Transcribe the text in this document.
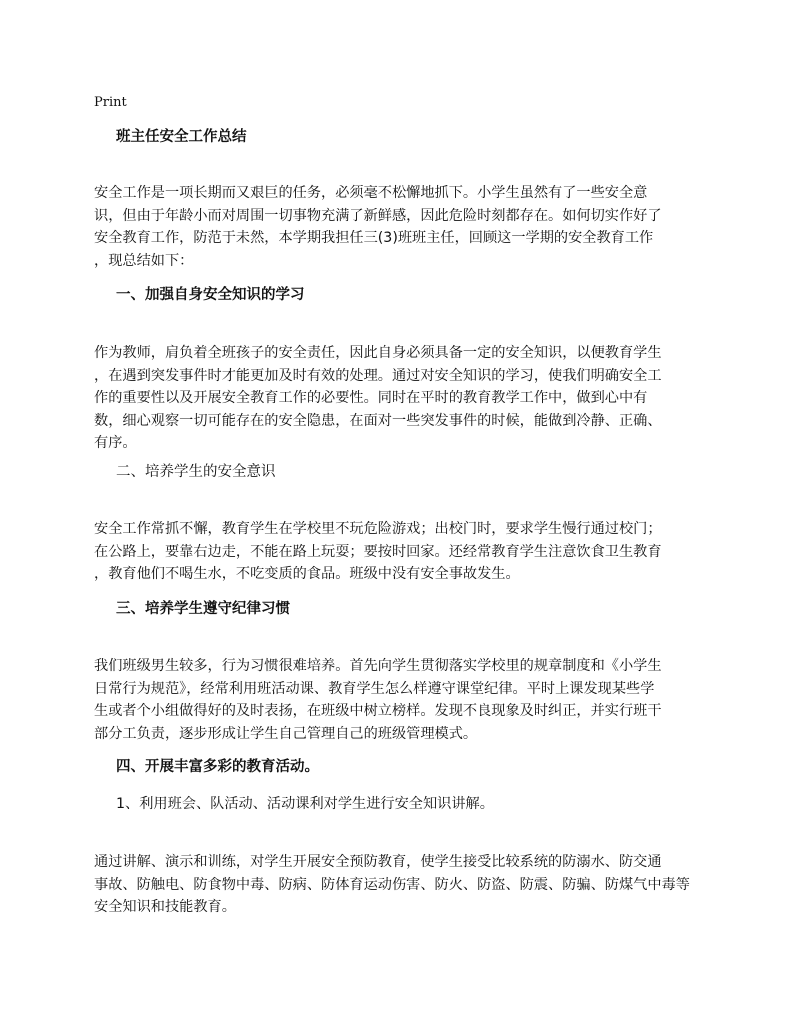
Print
班主任安全工作总结
安全工作是一项长期而又艰巨的任务，必须毫不松懈地抓下。小学生虽然有了一些安全意
识，但由于年龄小而对周围一切事物充满了新鲜感，因此危险时刻都存在。如何切实作好了
安全教育工作，防范于未然，本学期我担任三(3)班班主任，回顾这一学期的安全教育工作
，现总结如下：
一、加强自身安全知识的学习
作为教师，肩负着全班孩子的安全责任，因此自身必须具备一定的安全知识，以便教育学生
，在遇到突发事件时才能更加及时有效的处理。通过对安全知识的学习，使我们明确安全工
作的重要性以及开展安全教育工作的必要性。同时在平时的教育教学工作中，做到心中有
数，细心观察一切可能存在的安全隐患，在面对一些突发事件的时候，能做到冷静、正确、
有序。
二、培养学生的安全意识
安全工作常抓不懈，教育学生在学校里不玩危险游戏；出校门时，要求学生慢行通过校门；
在公路上，要靠右边走，不能在路上玩耍；要按时回家。还经常教育学生注意饮食卫生教育
，教育他们不喝生水，不吃变质的食品。班级中没有安全事故发生。
三、培养学生遵守纪律习惯
我们班级男生较多，行为习惯很难培养。首先向学生贯彻落实学校里的规章制度和《小学生
日常行为规范》，经常利用班活动课、教育学生怎么样遵守课堂纪律。平时上课发现某些学
生或者个小组做得好的及时表扬，在班级中树立榜样。发现不良现象及时纠正，并实行班干
部分工负责，逐步形成让学生自己管理自己的班级管理模式。
四、开展丰富多彩的教育活动。
1、利用班会、队活动、活动课利对学生进行安全知识讲解。
通过讲解、演示和训练，对学生开展安全预防教育，使学生接受比较系统的防溺水、防交通
事故、防触电、防食物中毒、防病、防体育运动伤害、防火、防盗、防震、防骗、防煤气中毒等
安全知识和技能教育。
